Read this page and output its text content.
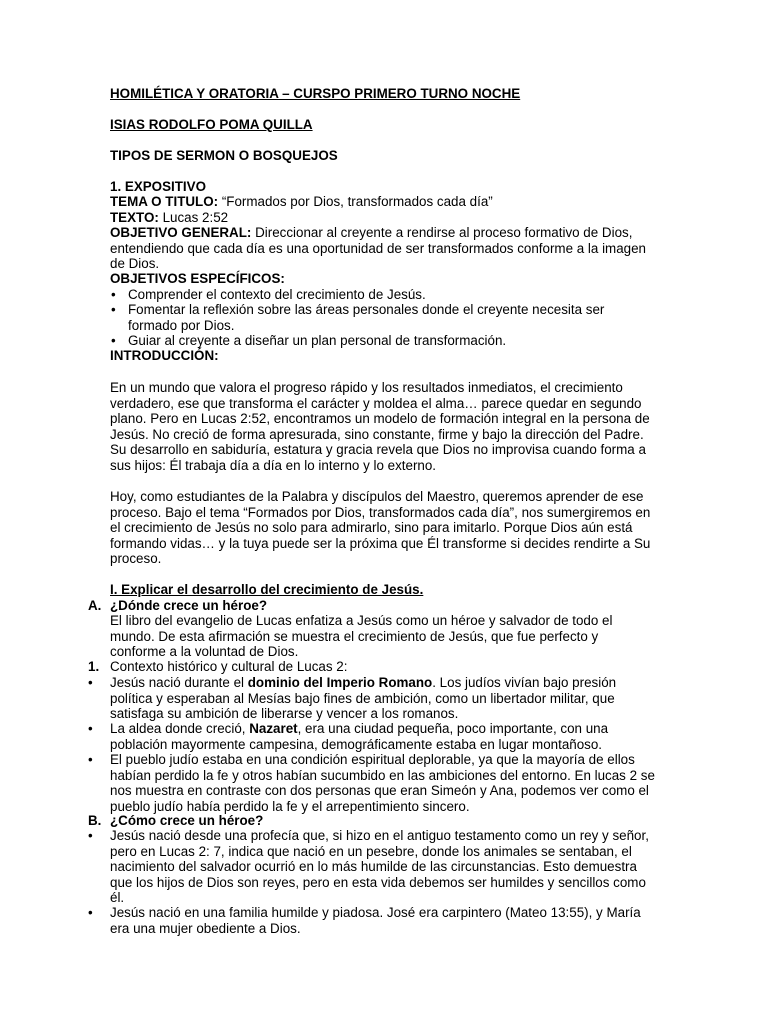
HOMILÉTICA Y ORATORIA – CURSPO PRIMERO TURNO NOCHE
ISIAS RODOLFO POMA QUILLA
TIPOS DE SERMON O BOSQUEJOS
1. EXPOSITIVO
TEMA O TITULO: “Formados por Dios, transformados cada día”
TEXTO: Lucas 2:52
OBJETIVO GENERAL: Direccionar al creyente a rendirse al proceso formativo de Dios, entendiendo que cada día es una oportunidad de ser transformados conforme a la imagen de Dios.
OBJETIVOS ESPECÍFICOS:
• Comprender el contexto del crecimiento de Jesús.
• Fomentar la reflexión sobre las áreas personales donde el creyente necesita ser formado por Dios.
• Guiar al creyente a diseñar un plan personal de transformación.
INTRODUCCIÓN:
En un mundo que valora el progreso rápido y los resultados inmediatos, el crecimiento verdadero, ese que transforma el carácter y moldea el alma… parece quedar en segundo plano. Pero en Lucas 2:52, encontramos un modelo de formación integral en la persona de Jesús. No creció de forma apresurada, sino constante, firme y bajo la dirección del Padre. Su desarrollo en sabiduría, estatura y gracia revela que Dios no improvisa cuando forma a sus hijos: Él trabaja día a día en lo interno y lo externo.
Hoy, como estudiantes de la Palabra y discípulos del Maestro, queremos aprender de ese proceso. Bajo el tema “Formados por Dios, transformados cada día”, nos sumergiremos en el crecimiento de Jesús no solo para admirarlo, sino para imitarlo. Porque Dios aún está formando vidas… y la tuya puede ser la próxima que Él transforme si decides rendirte a Su proceso.
I. Explicar el desarrollo del crecimiento de Jesús.
A. ¿Dónde crece un héroe?
El libro del evangelio de Lucas enfatiza a Jesús como un héroe y salvador de todo el mundo. De esta afirmación se muestra el crecimiento de Jesús, que fue perfecto y conforme a la voluntad de Dios.
1. Contexto histórico y cultural de Lucas 2:
•	Jesús nació durante el dominio del Imperio Romano. Los judíos vivían bajo presión política y esperaban al Mesías bajo fines de ambición, como un libertador militar, que satisfaga su ambición de liberarse y vencer a los romanos.
•	La aldea donde creció, Nazaret, era una ciudad pequeña, poco importante, con una población mayormente campesina, demográficamente estaba en lugar montañoso.
•	El pueblo judío estaba en una condición espiritual deplorable, ya que la mayoría de ellos habían perdido la fe y otros habían sucumbido en las ambiciones del entorno. En lucas 2 se nos muestra en contraste con dos personas que eran Simeón y Ana, podemos ver como el pueblo judío había perdido la fe y el arrepentimiento sincero.
B. ¿Cómo crece un héroe?
•	Jesús nació desde una profecía que, si hizo en el antiguo testamento como un rey y señor, pero en Lucas 2: 7, indica que nació en un pesebre, donde los animales se sentaban, el nacimiento del salvador ocurrió en lo más humilde de las circunstancias. Esto demuestra que los hijos de Dios son reyes, pero en esta vida debemos ser humildes y sencillos como él.
•	Jesús nació en una familia humilde y piadosa. José era carpintero (Mateo 13:55), y María era una mujer obediente a Dios.
